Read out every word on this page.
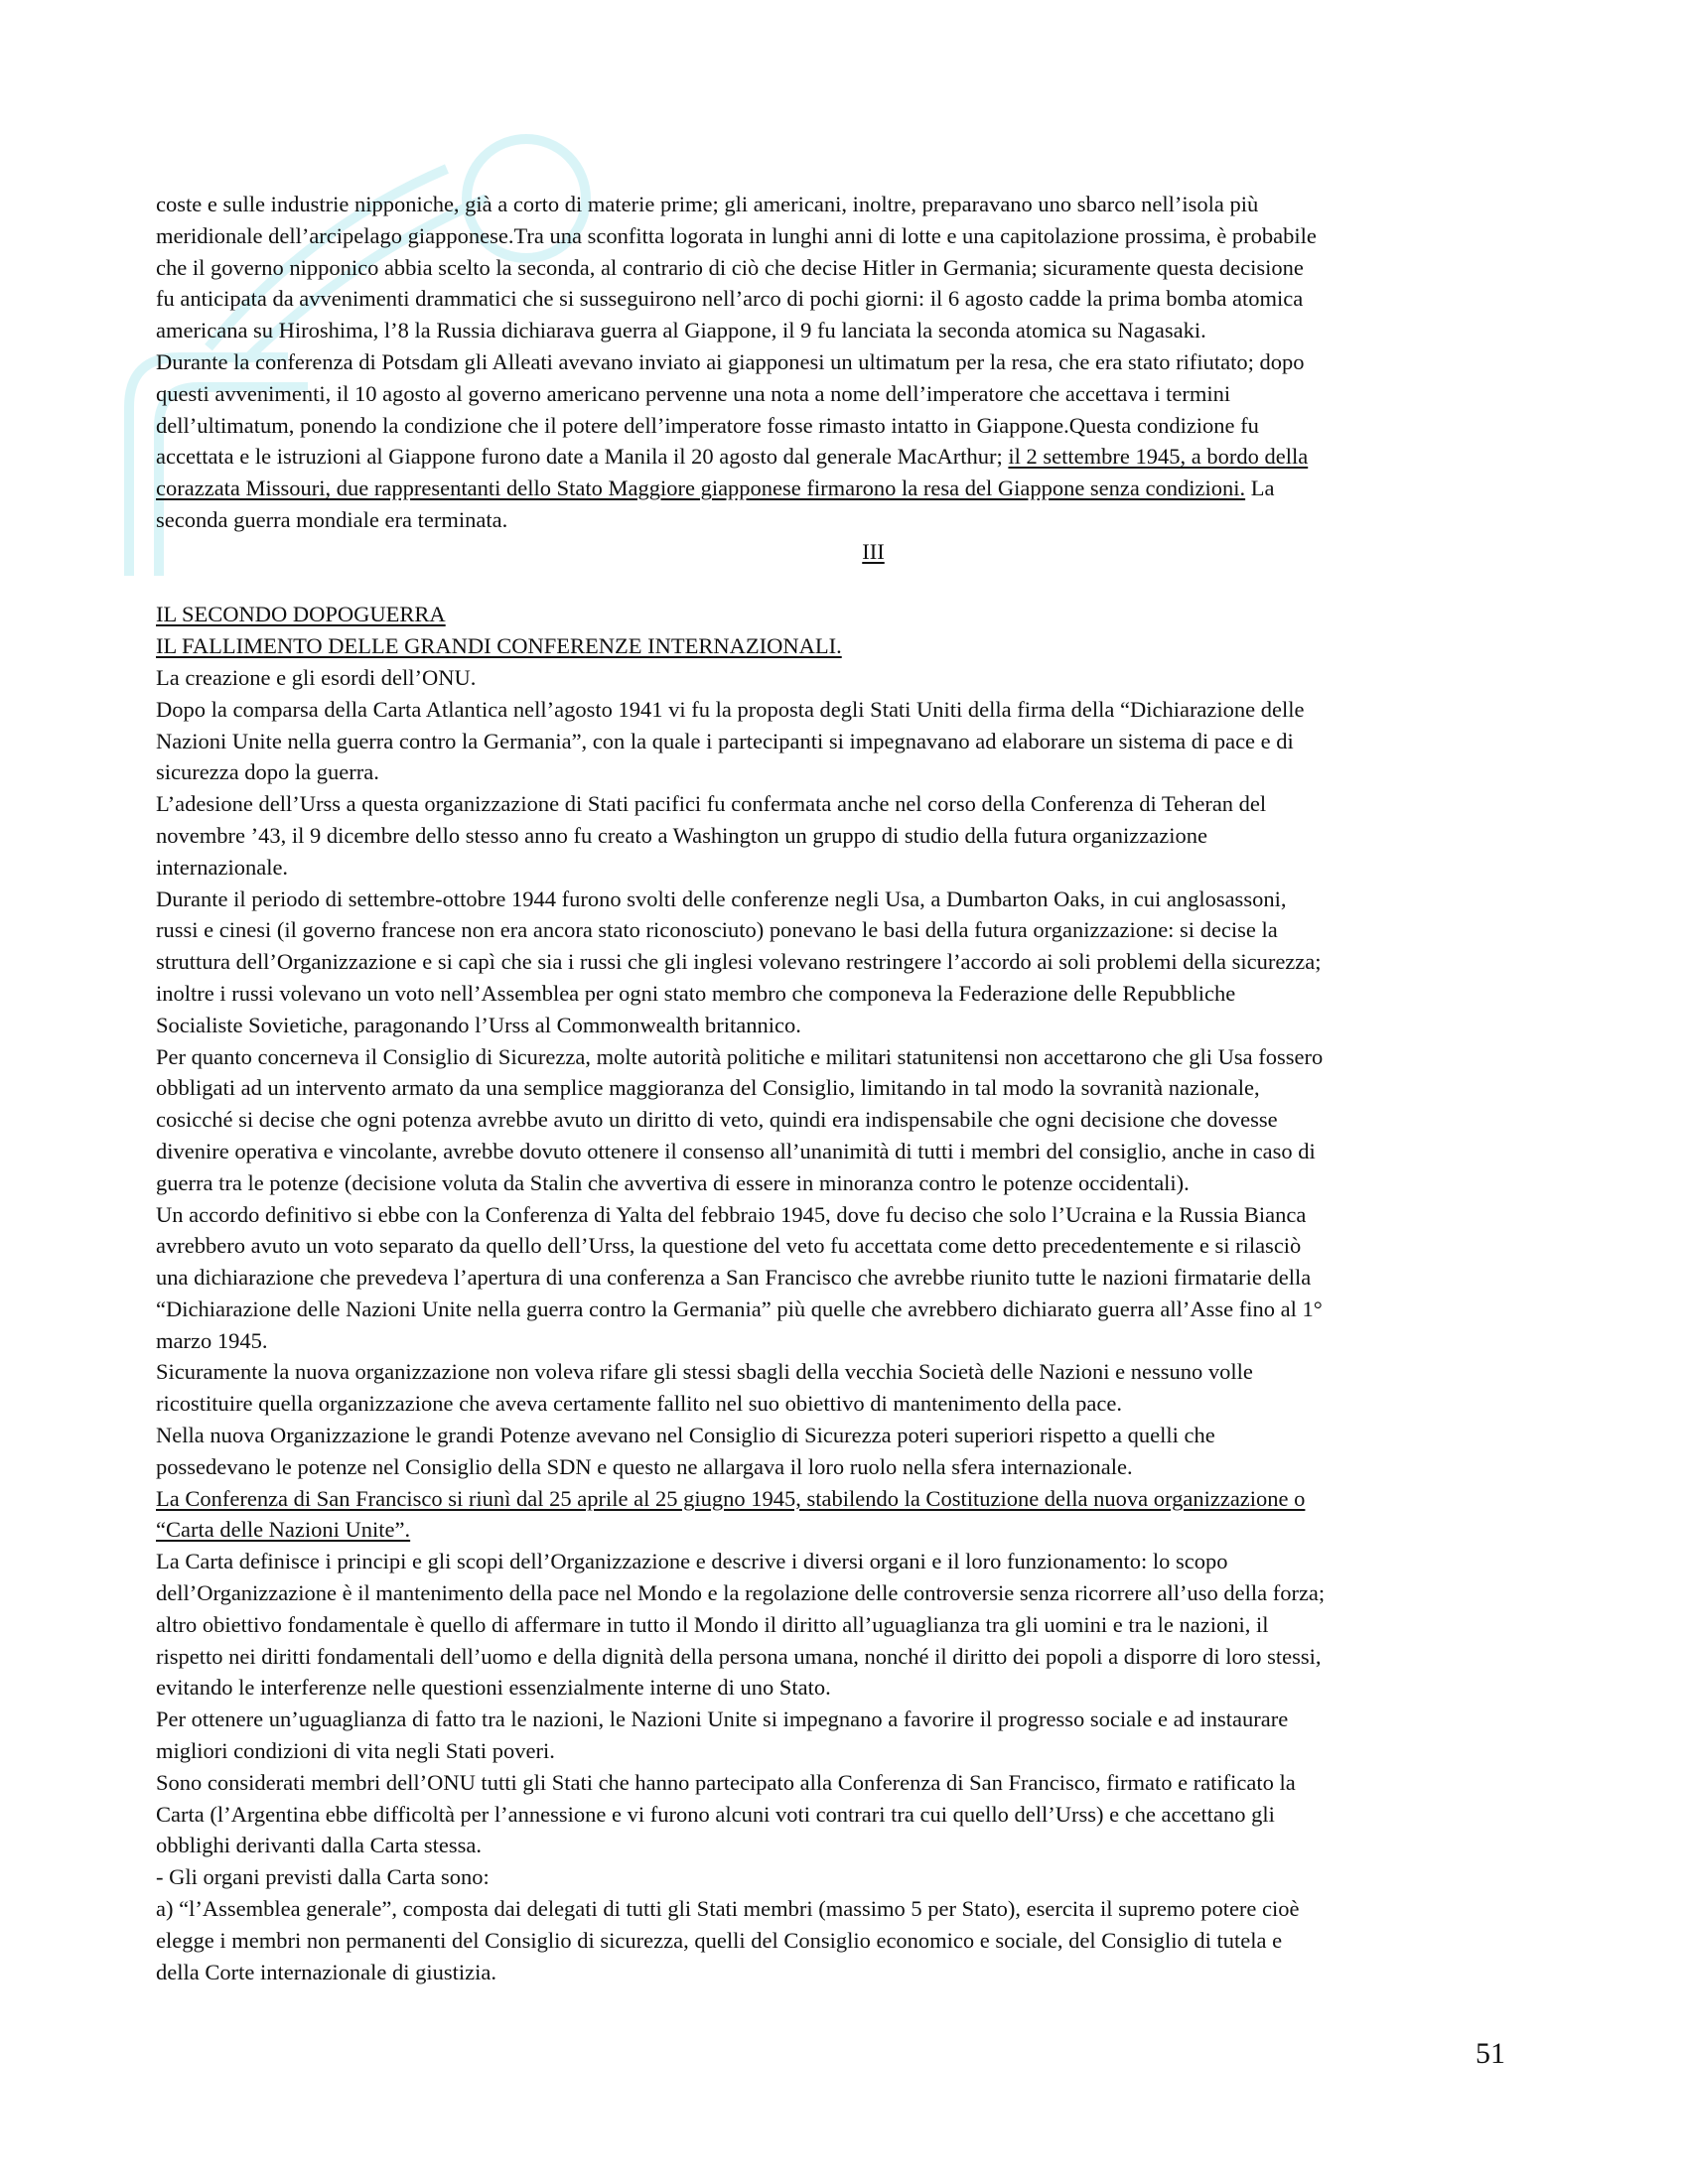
coste e sulle industrie nipponiche, già a corto di materie prime; gli americani, inoltre, preparavano uno sbarco nell’isola più
meridionale dell’arcipelago giapponese.Tra una sconfitta logorata in lunghi anni di lotte e una capitolazione prossima, è probabile
che il governo nipponico abbia scelto la seconda, al contrario di ciò che decise Hitler in Germania; sicuramente questa decisione
fu anticipata da avvenimenti drammatici che si susseguirono nell’arco di pochi giorni: il 6 agosto cadde la prima bomba atomica
americana su Hiroshima, l’8 la Russia dichiarava guerra al Giappone, il 9 fu lanciata la seconda atomica su Nagasaki.
Durante la conferenza di Potsdam gli Alleati avevano inviato ai giapponesi un ultimatum per la resa, che era stato rifiutato; dopo
questi avvenimenti, il 10 agosto al governo americano pervenne una nota a nome dell’imperatore che accettava i termini
dell’ultimatum, ponendo la condizione che il potere dell’imperatore fosse rimasto intatto in Giappone.Questa condizione fu
accettata e le istruzioni al Giappone furono date a Manila il 20 agosto dal generale MacArthur; il 2 settembre 1945, a bordo della
corazzata Missouri, due rappresentanti dello Stato Maggiore giapponese firmarono la resa del Giappone senza condizioni. La
seconda guerra mondiale era terminata.
III
IL SECONDO DOPOGUERRA
IL FALLIMENTO DELLE GRANDI CONFERENZE INTERNAZIONALI.
La creazione e gli esordi dell’ONU.
Dopo la comparsa della Carta Atlantica nell’agosto 1941 vi fu la proposta degli Stati Uniti della firma della “Dichiarazione delle
Nazioni Unite nella guerra contro la Germania”, con la quale i partecipanti si impegnavano ad elaborare un sistema di pace e di
sicurezza dopo la guerra.
L’adesione dell’Urss a questa organizzazione di Stati pacifici fu confermata anche nel corso della Conferenza di Teheran del
novembre ’43, il 9 dicembre dello stesso anno fu creato a Washington un gruppo di studio della futura organizzazione
internazionale.
Durante il periodo di settembre-ottobre 1944 furono svolti delle conferenze negli Usa, a Dumbarton Oaks, in cui anglosassoni,
russi e cinesi (il governo francese non era ancora stato riconosciuto) ponevano le basi della futura organizzazione: si decise la
struttura dell’Organizzazione e si capì che sia i russi che gli inglesi volevano restringere l’accordo ai soli problemi della sicurezza;
inoltre i russi volevano un voto nell’Assemblea per ogni stato membro che componeva la Federazione delle Repubbliche
Socialiste Sovietiche, paragonando l’Urss al Commonwealth britannico.
Per quanto concerneva il Consiglio di Sicurezza, molte autorità politiche e militari statunitensi non accettarono che gli Usa fossero
obbligati ad un intervento armato da una semplice maggioranza del Consiglio, limitando in tal modo la sovranità nazionale,
cosicché si decise che ogni potenza avrebbe avuto un diritto di veto, quindi era indispensabile che ogni decisione che dovesse
divenire operativa e vincolante, avrebbe dovuto ottenere il consenso all’unanimità di tutti i membri del consiglio, anche in caso di
guerra tra le potenze (decisione voluta da Stalin che avvertiva di essere in minoranza contro le potenze occidentali).
Un accordo definitivo si ebbe con la Conferenza di Yalta del febbraio 1945, dove fu deciso che solo l’Ucraina e la Russia Bianca
avrebbero avuto un voto separato da quello dell’Urss, la questione del veto fu accettata come detto precedentemente e si rilasciò
una dichiarazione che prevedeva l’apertura di una conferenza a San Francisco che avrebbe riunito tutte le nazioni firmatarie della
“Dichiarazione delle Nazioni Unite nella guerra contro la Germania” più quelle che avrebbero dichiarato guerra all’Asse fino al 1°
marzo 1945.
Sicuramente la nuova organizzazione non voleva rifare gli stessi sbagli della vecchia Società delle Nazioni e nessuno volle
ricostituire quella organizzazione che aveva certamente fallito nel suo obiettivo di mantenimento della pace.
Nella nuova Organizzazione le grandi Potenze avevano nel Consiglio di Sicurezza poteri superiori rispetto a quelli che
possedevano le potenze nel Consiglio della SDN e questo ne allargava il loro ruolo nella sfera internazionale.
La Conferenza di San Francisco si riunì dal 25 aprile al 25 giugno 1945, stabilendo la Costituzione della nuova organizzazione o
“Carta delle Nazioni Unite”.
La Carta definisce i principi e gli scopi dell’Organizzazione e descrive i diversi organi e il loro funzionamento: lo scopo
dell’Organizzazione è il mantenimento della pace nel Mondo e la regolazione delle controversie senza ricorrere all’uso della forza;
altro obiettivo fondamentale è quello di affermare in tutto il Mondo il diritto all’uguaglianza tra gli uomini e tra le nazioni, il
rispetto nei diritti fondamentali dell’uomo e della dignità della persona umana, nonché il diritto dei popoli a disporre di loro stessi,
evitando le interferenze nelle questioni essenzialmente interne di uno Stato.
Per ottenere un’uguaglianza di fatto tra le nazioni, le Nazioni Unite si impegnano a favorire il progresso sociale e ad instaurare
migliori condizioni di vita negli Stati poveri.
Sono considerati membri dell’ONU tutti gli Stati che hanno partecipato alla Conferenza di San Francisco, firmato e ratificato la
Carta (l’Argentina ebbe difficoltà per l’annessione e vi furono alcuni voti contrari tra cui quello dell’Urss) e che accettano gli
obblighi derivanti dalla Carta stessa.
- Gli organi previsti dalla Carta sono:
a) “l’Assemblea generale”, composta dai delegati di tutti gli Stati membri (massimo 5 per Stato), esercita il supremo potere cioè
elegge i membri non permanenti del Consiglio di sicurezza, quelli del Consiglio economico e sociale, del Consiglio di tutela e
della Corte internazionale di giustizia.
51
